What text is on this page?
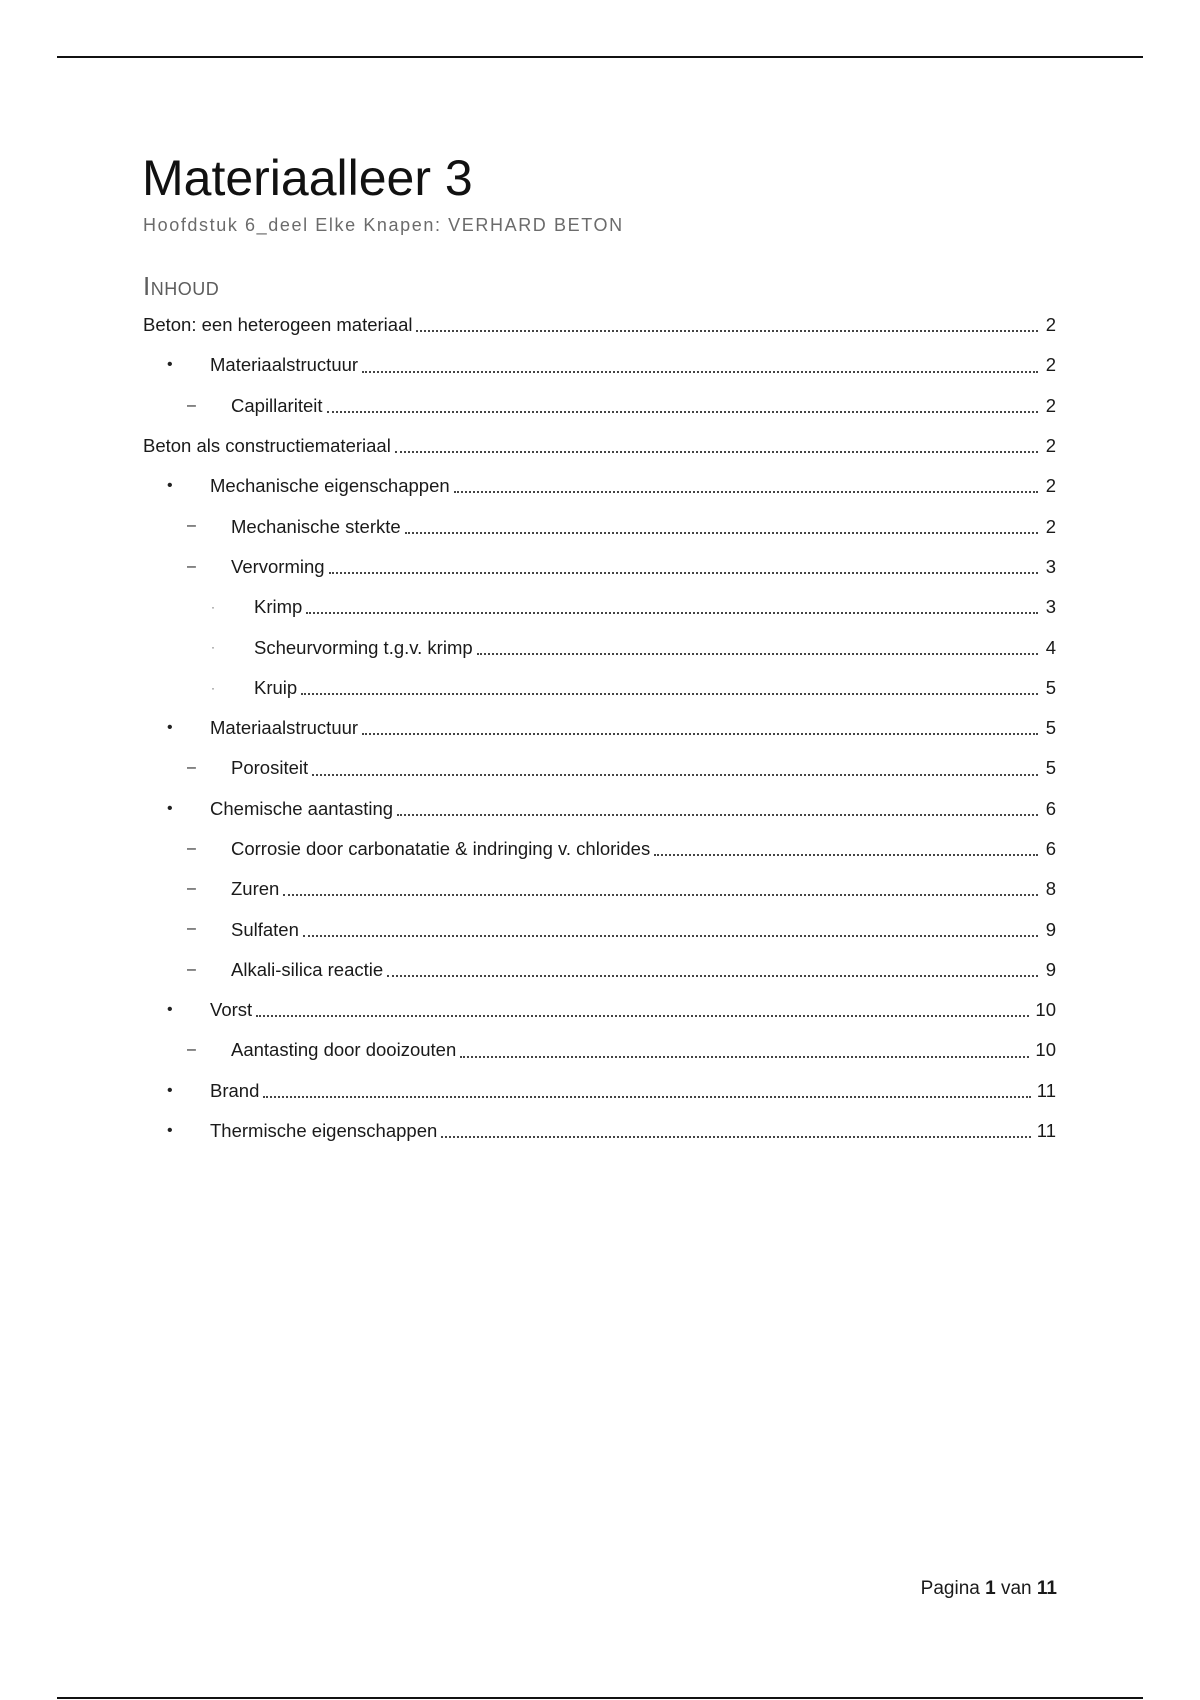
Materiaalleer 3
Hoofdstuk 6_deel Elke Knapen: VERHARD BETON
Inhoud
Beton: een heterogeen materiaal	2
• Materiaalstructuur	2
– Capillariteit	2
Beton als constructiemateriaal	2
• Mechanische eigenschappen	2
– Mechanische sterkte	2
– Vervorming	3
· Krimp	3
· Scheurvorming t.g.v. krimp	4
· Kruip	5
• Materiaalstructuur	5
– Porositeit	5
• Chemische aantasting	6
– Corrosie door carbonatatie & indringing v. chlorides	6
– Zuren	8
– Sulfaten	9
– Alkali-silica reactie	9
• Vorst	10
– Aantasting door dooizouten	10
• Brand	11
• Thermische eigenschappen	11
Pagina 1 van 11
